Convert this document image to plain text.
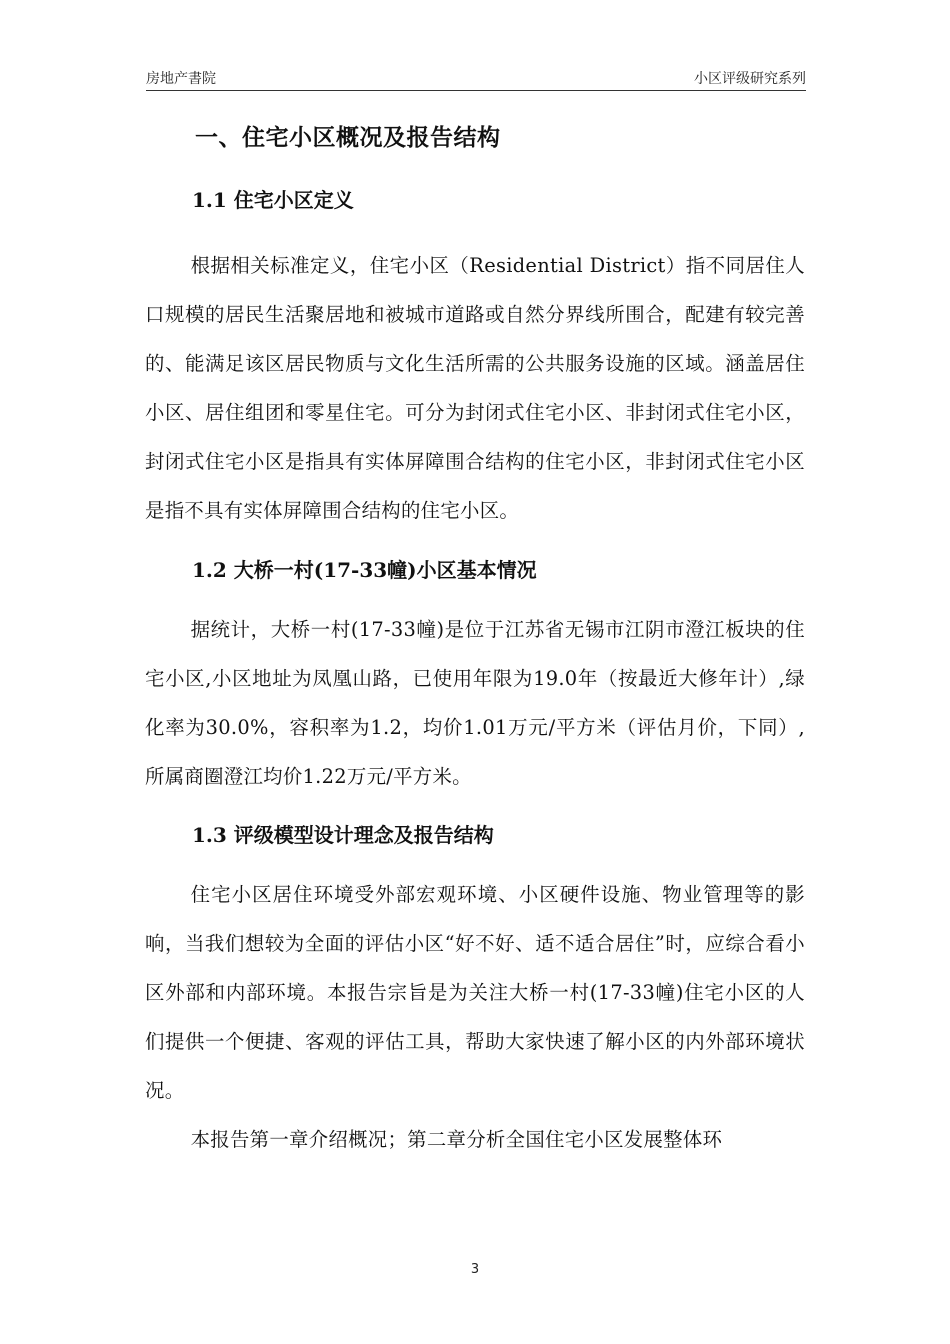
房地产書院	小区评级研究系列
一、住宅小区概况及报告结构
1.1 住宅小区定义

根据相关标准定义，住宅小区（Residential District）指不同居住人口规模的居民生活聚居地和被城市道路或自然分界线所围合，配建有较完善的、能满足该区居民物质与文化生活所需的公共服务设施的区域。涵盖居住小区、居住组团和零星住宅。可分为封闭式住宅小区、非封闭式住宅小区，封闭式住宅小区是指具有实体屏障围合结构的住宅小区，非封闭式住宅小区是指不具有实体屏障围合结构的住宅小区。

1.2 大桥一村(17-33幢)小区基本情况

据统计，大桥一村(17-33幢)是位于江苏省无锡市江阴市澄江板块的住宅小区,小区地址为凤凰山路，已使用年限为19.0年（按最近大修年计）,绿化率为30.0%，容积率为1.2，均价1.01万元/平方米（评估月价，下同）,所属商圈澄江均价1.22万元/平方米。

1.3 评级模型设计理念及报告结构

住宅小区居住环境受外部宏观环境、小区硬件设施、物业管理等的影响，当我们想较为全面的评估小区“好不好、适不适合居住”时，应综合看小区外部和内部环境。本报告宗旨是为关注大桥一村(17-33幢)住宅小区的人们提供一个便捷、客观的评估工具，帮助大家快速了解小区的内外部环境状况。

本报告第一章介绍概况；第二章分析全国住宅小区发展整体环

3
